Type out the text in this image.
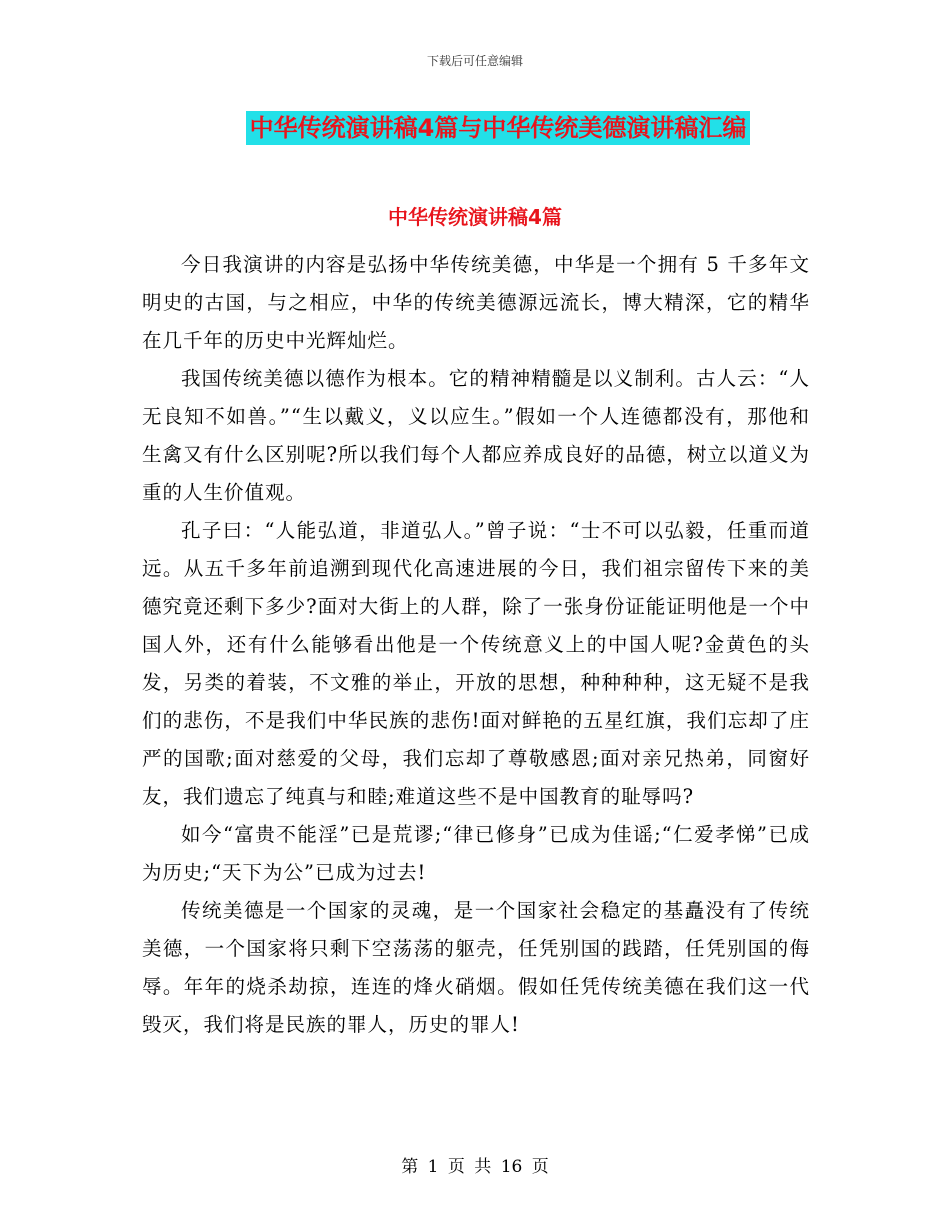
下载后可任意编辑
中华传统演讲稿4篇与中华传统美德演讲稿汇编
中华传统演讲稿4篇

今日我演讲的内容是弘扬中华传统美德，中华是一个拥有 5 千多年文明史的古国，与之相应，中华的传统美德源远流长，博大精深，它的精华在几千年的历史中光辉灿烂。

我国传统美德以德作为根本。它的精神精髓是以义制利。古人云：“人无良知不如兽。”“生以戴义，义以应生。”假如一个人连德都没有，那他和生禽又有什么区别呢?所以我们每个人都应养成良好的品德，树立以道义为重的人生价值观。

孔子曰：“人能弘道，非道弘人。”曾子说：“士不可以弘毅，任重而道远。从五千多年前追溯到现代化高速进展的今日，我们祖宗留传下来的美德究竟还剩下多少?面对大街上的人群，除了一张身份证能证明他是一个中国人外，还有什么能够看出他是一个传统意义上的中国人呢?金黄色的头发，另类的着装，不文雅的举止，开放的思想，种种种种，这无疑不是我们的悲伤，不是我们中华民族的悲伤!面对鲜艳的五星红旗，我们忘却了庄严的国歌;面对慈爱的父母，我们忘却了尊敬感恩;面对亲兄热弟，同窗好友，我们遗忘了纯真与和睦;难道这些不是中国教育的耻辱吗?

如今“富贵不能淫”已是荒谬;“律已修身”已成为佳谣;“仁爱孝悌”已成为历史;“天下为公”已成为过去!

传统美德是一个国家的灵魂，是一个国家社会稳定的基矗没有了传统美德，一个国家将只剩下空荡荡的躯壳，任凭别国的践踏，任凭别国的侮辱。年年的烧杀劫掠，连连的烽火硝烟。假如任凭传统美德在我们这一代毁灭，我们将是民族的罪人，历史的罪人!

第 1 页 共 16 页
